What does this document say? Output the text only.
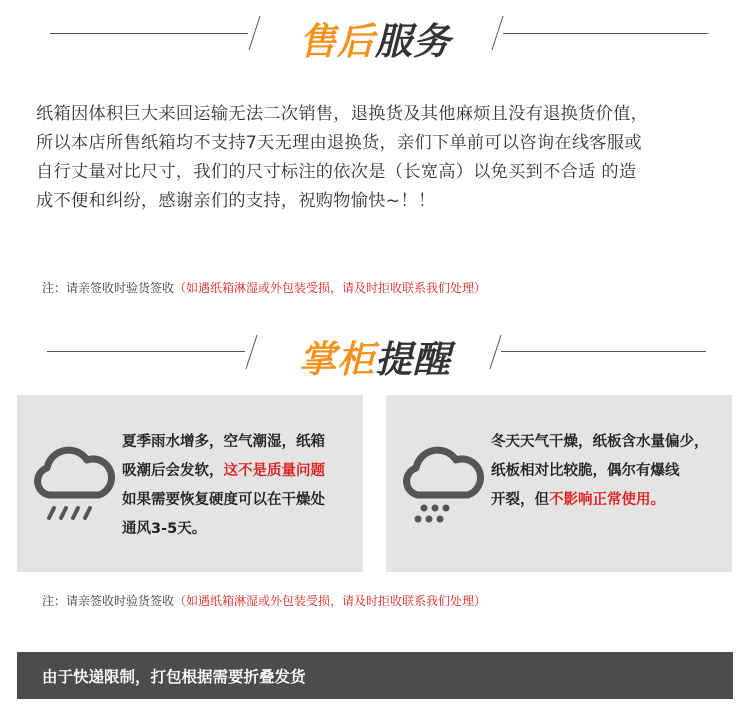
售后服务
纸箱因体积巨大来回运输无法二次销售，退换货及其他麻烦且没有退换货价值，
所以本店所售纸箱均不支持7天无理由退换货，亲们下单前可以咨询在线客服或
自行丈量对比尺寸，我们的尺寸标注的依次是（长宽高）以免买到不合适 的造
成不便和纠纷，感谢亲们的支持，祝购物愉快~！！
注：请亲签收时验货签收（如遇纸箱淋湿或外包装受损，请及时拒收联系我们处理）
掌柜提醒
夏季雨水增多，空气潮湿，纸箱
吸潮后会发软，这不是质量问题
如果需要恢复硬度可以在干燥处
通风3-5天。
冬天天气干燥，纸板含水量偏少，
纸板相对比较脆，偶尔有爆线
开裂，但不影响正常使用。
注：请亲签收时验货签收（如遇纸箱淋湿或外包装受损，请及时拒收联系我们处理）
由于快递限制，打包根据需要折叠发货
